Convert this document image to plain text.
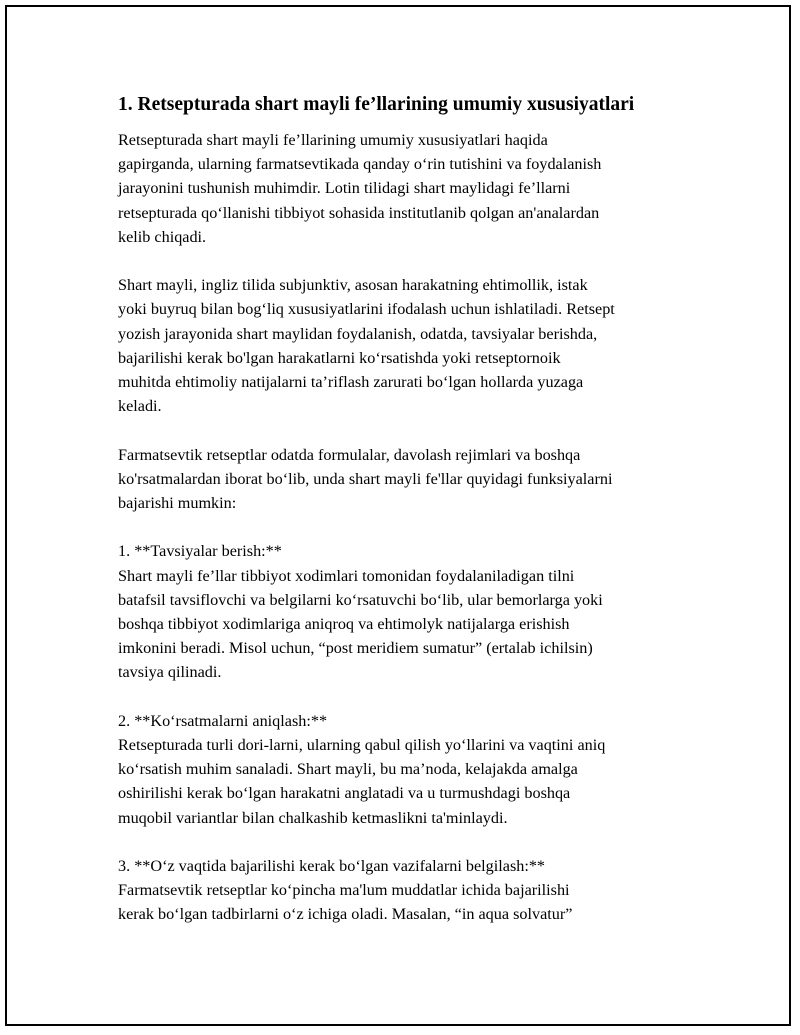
1. Retsepturada shart mayli fe’llarining umumiy xususiyatlari

Retsepturada shart mayli fe’llarining umumiy xususiyatlari haqida
gapirganda, ularning farmatsevtikada qanday o‘rin tutishini va foydalanish
jarayonini tushunish muhimdir. Lotin tilidagi shart maylidagi fe’llarni
retsepturada qo‘llanishi tibbiyot sohasida institutlanib qolgan an'analardan
kelib chiqadi.

Shart mayli, ingliz tilida subjunktiv, asosan harakatning ehtimollik, istak
yoki buyruq bilan bog‘liq xususiyatlarini ifodalash uchun ishlatiladi. Retsept
yozish jarayonida shart maylidan foydalanish, odatda, tavsiyalar berishda,
bajarilishi kerak bo'lgan harakatlarni ko‘rsatishda yoki retseptornoik
muhitda ehtimoliy natijalarni ta’riflash zarurati bo‘lgan hollarda yuzaga
keladi.

Farmatsevtik retseptlar odatda formulalar, davolash rejimlari va boshqa
ko'rsatmalardan iborat bo‘lib, unda shart mayli fe'llar quyidagi funksiyalarni
bajarishi mumkin:

1. **Tavsiyalar berish:**
Shart mayli fe’llar tibbiyot xodimlari tomonidan foydalaniladigan tilni
batafsil tavsiflovchi va belgilarni ko‘rsatuvchi bo‘lib, ular bemorlarga yoki
boshqa tibbiyot xodimlariga aniqroq va ehtimolyk natijalarga erishish
imkonini beradi. Misol uchun, “post meridiem sumatur” (ertalab ichilsin)
tavsiya qilinadi.

2. **Ko‘rsatmalarni aniqlash:**
Retsepturada turli dori-larni, ularning qabul qilish yo‘llarini va vaqtini aniq
ko‘rsatish muhim sanaladi. Shart mayli, bu ma’noda, kelajakda amalga
oshirilishi kerak bo‘lgan harakatni anglatadi va u turmushdagi boshqa
muqobil variantlar bilan chalkashib ketmaslikni ta'minlaydi.

3. **O‘z vaqtida bajarilishi kerak bo‘lgan vazifalarni belgilash:**
Farmatsevtik retseptlar ko‘pincha ma'lum muddatlar ichida bajarilishi
kerak bo‘lgan tadbirlarni o‘z ichiga oladi. Masalan, “in aqua solvatur”
